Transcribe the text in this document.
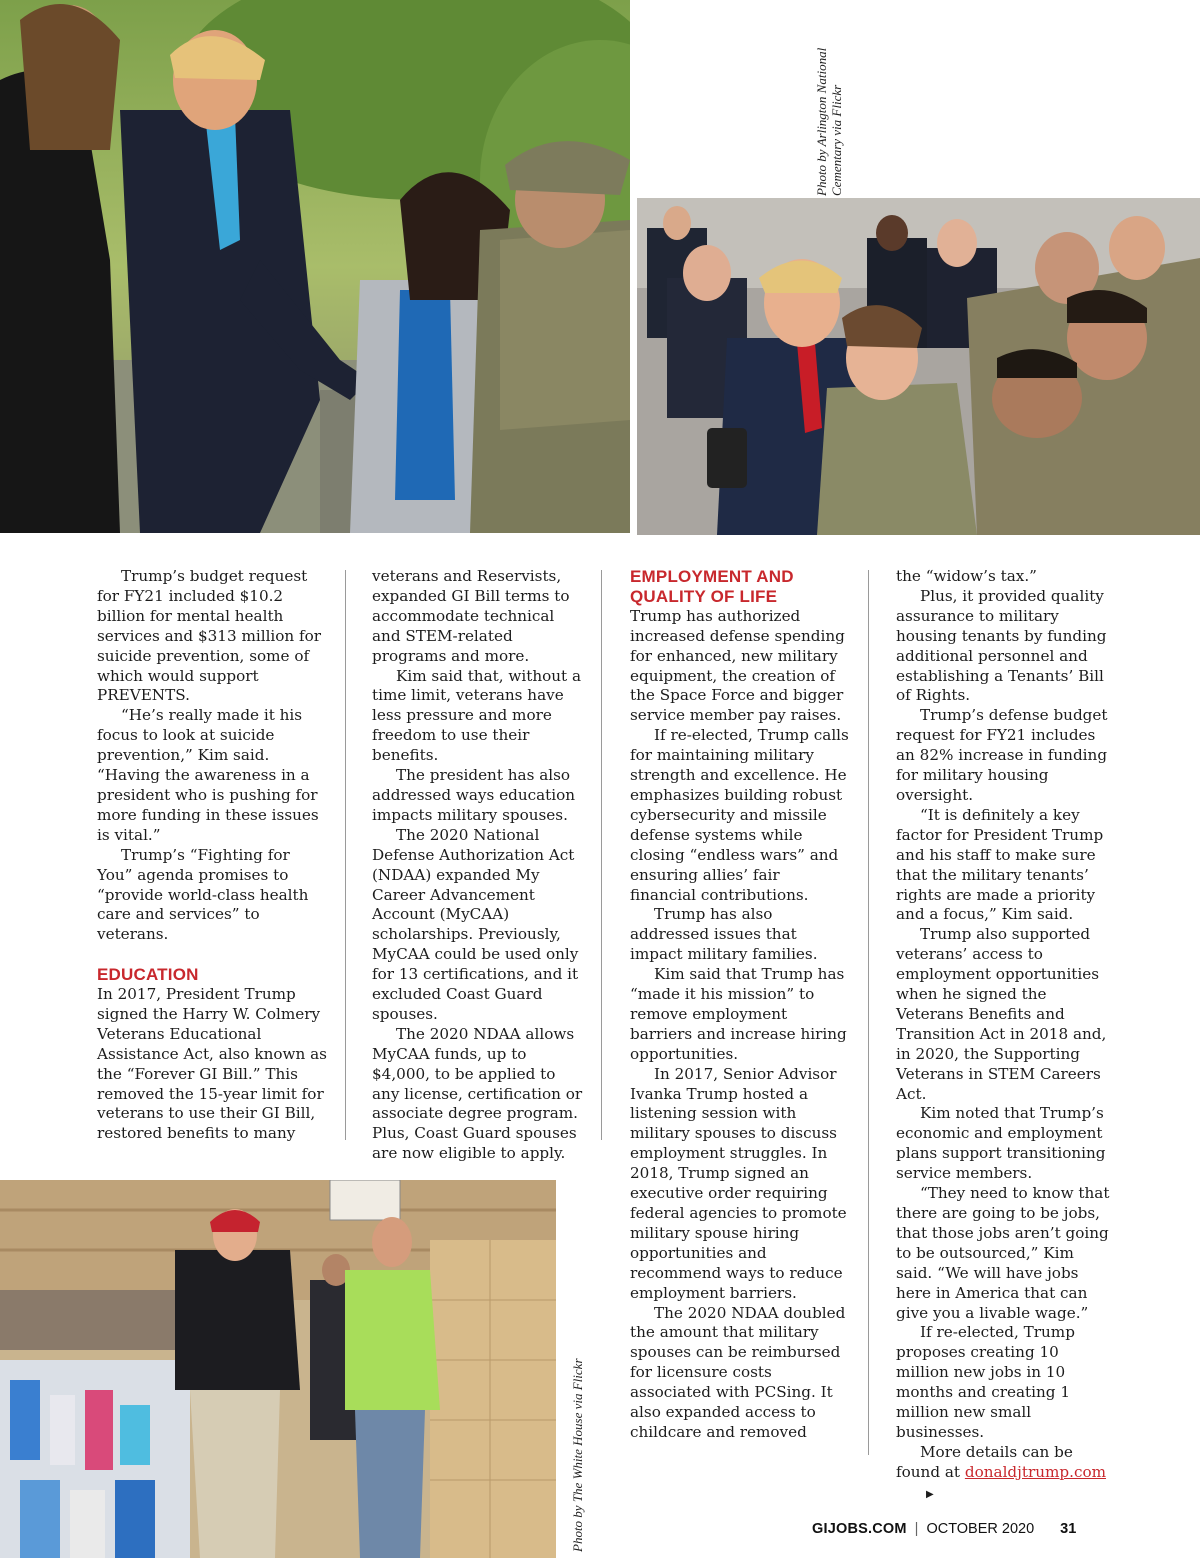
Photo by Arlington National Cementary via Flickr
Photo by The White House via Flickr

Trump’s budget request for FY21 included $10.2 billion for mental health services and $313 million for suicide prevention, some of which would support PREVENTS.

“He’s really made it his focus to look at suicide prevention,” Kim said. “Having the awareness in a president who is pushing for more funding in these issues is vital.”

Trump’s “Fighting for You” agenda promises to “provide world-class health care and services” to veterans.

EDUCATION

In 2017, President Trump signed the Harry W. Colmery Veterans Educational Assistance Act, also known as the “Forever GI Bill.” This removed the 15-year limit for veterans to use their GI Bill, restored benefits to many

veterans and Reservists, expanded GI Bill terms to accommodate technical and STEM-related programs and more.

Kim said that, without a time limit, veterans have less pressure and more freedom to use their benefits.

The president has also addressed ways education impacts military spouses.

The 2020 National Defense Authorization Act (NDAA) expanded My Career Advancement Account (MyCAA) scholarships. Previously, MyCAA could be used only for 13 certifications, and it excluded Coast Guard spouses.

The 2020 NDAA allows MyCAA funds, up to $4,000, to be applied to any license, certification or associate degree program. Plus, Coast Guard spouses are now eligible to apply.

EMPLOYMENT AND
QUALITY OF LIFE

Trump has authorized increased defense spending for enhanced, new military equipment, the creation of the Space Force and bigger service member pay raises.

If re-elected, Trump calls for maintaining military strength and excellence. He emphasizes building robust cybersecurity and missile defense systems while closing “endless wars” and ensuring allies’ fair financial contributions.

Trump has also addressed issues that impact military families.

Kim said that Trump has “made it his mission” to remove employment barriers and increase hiring opportunities.

In 2017, Senior Advisor Ivanka Trump hosted a listening session with military spouses to discuss employment struggles. In 2018, Trump signed an executive order requiring federal agencies to promote military spouse hiring opportunities and recommend ways to reduce employment barriers.

The 2020 NDAA doubled the amount that military spouses can be reimbursed for licensure costs associated with PCSing. It also expanded access to childcare and removed

the “widow’s tax.”

Plus, it provided quality assurance to military housing tenants by funding additional personnel and establishing a Tenants’ Bill of Rights.

Trump’s defense budget request for FY21 includes an 82% increase in funding for military housing oversight.

“It is definitely a key factor for President Trump and his staff to make sure that the military tenants’ rights are made a priority and a focus,” Kim said.

Trump also supported veterans’ access to employment opportunities when he signed the Veterans Benefits and Transition Act in 2018 and, in 2020, the Supporting Veterans in STEM Careers Act.

Kim noted that Trump’s economic and employment plans support transitioning service members.

“They need to know that there are going to be jobs, that those jobs aren’t going to be outsourced,” Kim said. “We will have jobs here in America that can give you a livable wage.”

If re-elected, Trump proposes creating 10 million new jobs in 10 months and creating 1 million new small businesses.

More details can be found at donaldjtrump.com▶

GIJOBS.COM | OCTOBER 2020 31
